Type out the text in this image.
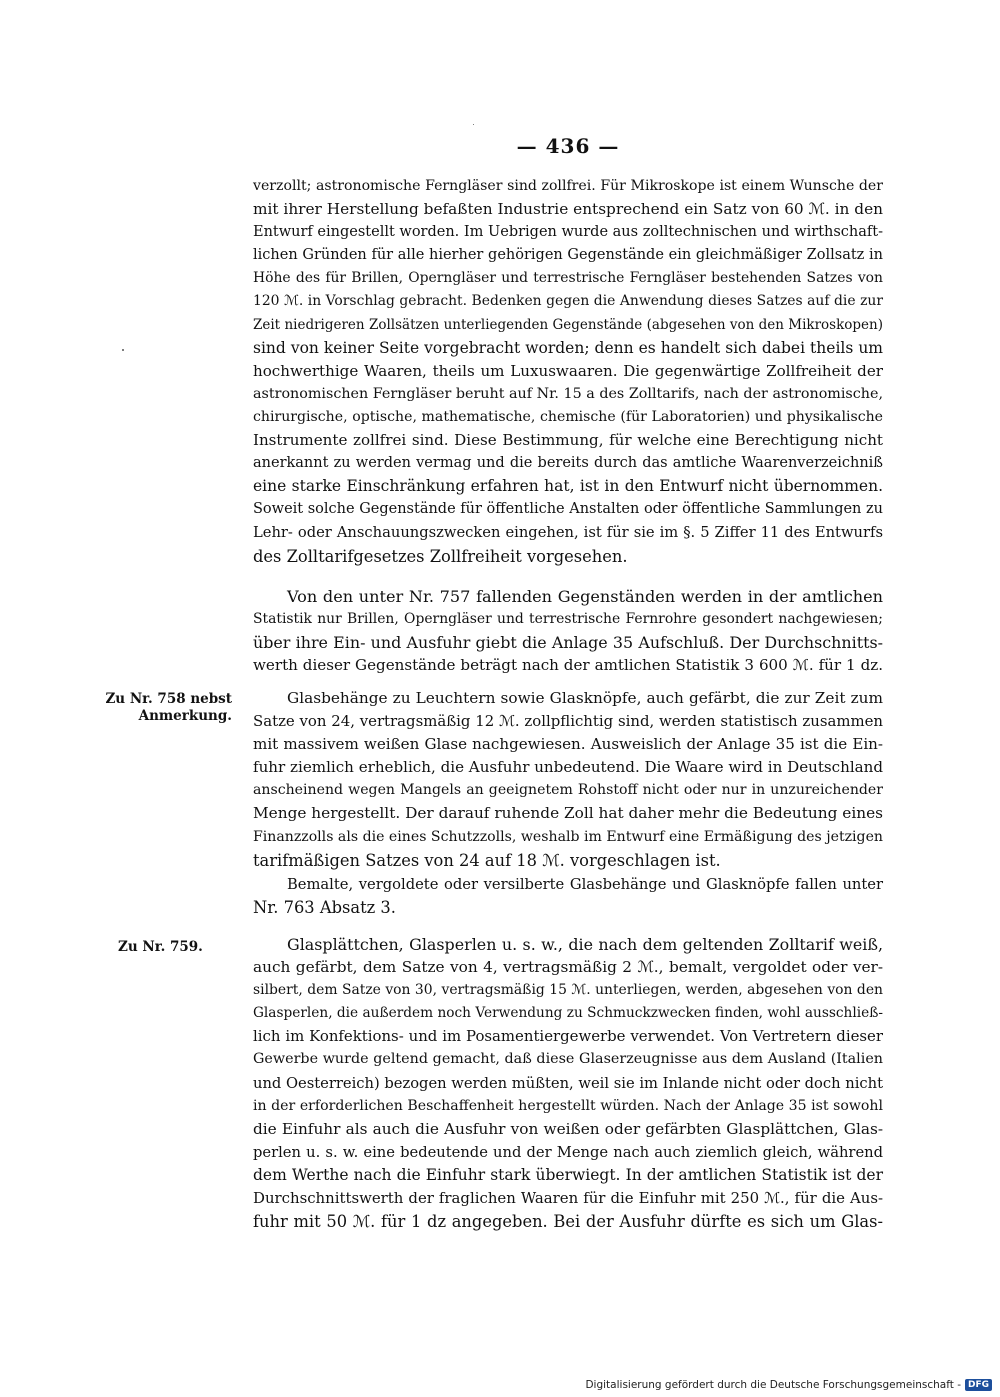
— 436 —
verzollt; astronomische Ferngläser sind zollfrei. Für Mikroskope ist einem Wunsche der
mit ihrer Herstellung befaßten Industrie entsprechend ein Satz von 60 ℳ. in den
Entwurf eingestellt worden. Im Uebrigen wurde aus zolltechnischen und wirthschaft-
lichen Gründen für alle hierher gehörigen Gegenstände ein gleichmäßiger Zollsatz in
Höhe des für Brillen, Operngläser und terrestrische Ferngläser bestehenden Satzes von
120 ℳ. in Vorschlag gebracht. Bedenken gegen die Anwendung dieses Satzes auf die zur
Zeit niedrigeren Zollsätzen unterliegenden Gegenstände (abgesehen von den Mikroskopen)
sind von keiner Seite vorgebracht worden; denn es handelt sich dabei theils um
hochwerthige Waaren, theils um Luxuswaaren. Die gegenwärtige Zollfreiheit der
astronomischen Ferngläser beruht auf Nr. 15 a des Zolltarifs, nach der astronomische,
chirurgische, optische, mathematische, chemische (für Laboratorien) und physikalische
Instrumente zollfrei sind. Diese Bestimmung, für welche eine Berechtigung nicht
anerkannt zu werden vermag und die bereits durch das amtliche Waarenverzeichniß
eine starke Einschränkung erfahren hat, ist in den Entwurf nicht übernommen.
Soweit solche Gegenstände für öffentliche Anstalten oder öffentliche Sammlungen zu
Lehr- oder Anschauungszwecken eingehen, ist für sie im §. 5 Ziffer 11 des Entwurfs
des Zolltarifgesetzes Zollfreiheit vorgesehen.
Von den unter Nr. 757 fallenden Gegenständen werden in der amtlichen
Statistik nur Brillen, Operngläser und terrestrische Fernrohre gesondert nachgewiesen;
über ihre Ein- und Ausfuhr giebt die Anlage 35 Aufschluß. Der Durchschnitts-
werth dieser Gegenstände beträgt nach der amtlichen Statistik 3 600 ℳ. für 1 dz.
Zu Nr. 758 nebst Anmerkung.
Glasbehänge zu Leuchtern sowie Glasknöpfe, auch gefärbt, die zur Zeit zum
Satze von 24, vertragsmäßig 12 ℳ. zollpflichtig sind, werden statistisch zusammen
mit massivem weißen Glase nachgewiesen. Ausweislich der Anlage 35 ist die Ein-
fuhr ziemlich erheblich, die Ausfuhr unbedeutend. Die Waare wird in Deutschland
anscheinend wegen Mangels an geeignetem Rohstoff nicht oder nur in unzureichender
Menge hergestellt. Der darauf ruhende Zoll hat daher mehr die Bedeutung eines
Finanzzolls als die eines Schutzzolls, weshalb im Entwurf eine Ermäßigung des jetzigen
tarifmäßigen Satzes von 24 auf 18 ℳ. vorgeschlagen ist.
Bemalte, vergoldete oder versilberte Glasbehänge und Glasknöpfe fallen unter
Nr. 763 Absatz 3.
Zu Nr. 759.	Glasplättchen, Glasperlen u. s. w., die nach dem geltenden Zolltarif weiß,
auch gefärbt, dem Satze von 4, vertragsmäßig 2 ℳ., bemalt, vergoldet oder ver-
silbert, dem Satze von 30, vertragsmäßig 15 ℳ. unterliegen, werden, abgesehen von den
Glasperlen, die außerdem noch Verwendung zu Schmuckzwecken finden, wohl ausschließ-
lich im Konfektions- und im Posamentiergewerbe verwendet. Von Vertretern dieser
Gewerbe wurde geltend gemacht, daß diese Glaserzeugnisse aus dem Ausland (Italien
und Oesterreich) bezogen werden müßten, weil sie im Inlande nicht oder doch nicht
in der erforderlichen Beschaffenheit hergestellt würden. Nach der Anlage 35 ist sowohl
die Einfuhr als auch die Ausfuhr von weißen oder gefärbten Glasplättchen, Glas-
perlen u. s. w. eine bedeutende und der Menge nach auch ziemlich gleich, während
dem Werthe nach die Einfuhr stark überwiegt. In der amtlichen Statistik ist der
Durchschnittswerth der fraglichen Waaren für die Einfuhr mit 250 ℳ., für die Aus-
fuhr mit 50 ℳ. für 1 dz angegeben. Bei der Ausfuhr dürfte es sich um Glas-
Digitalisierung gefördert durch die Deutsche Forschungsgemeinschaft - DFG
